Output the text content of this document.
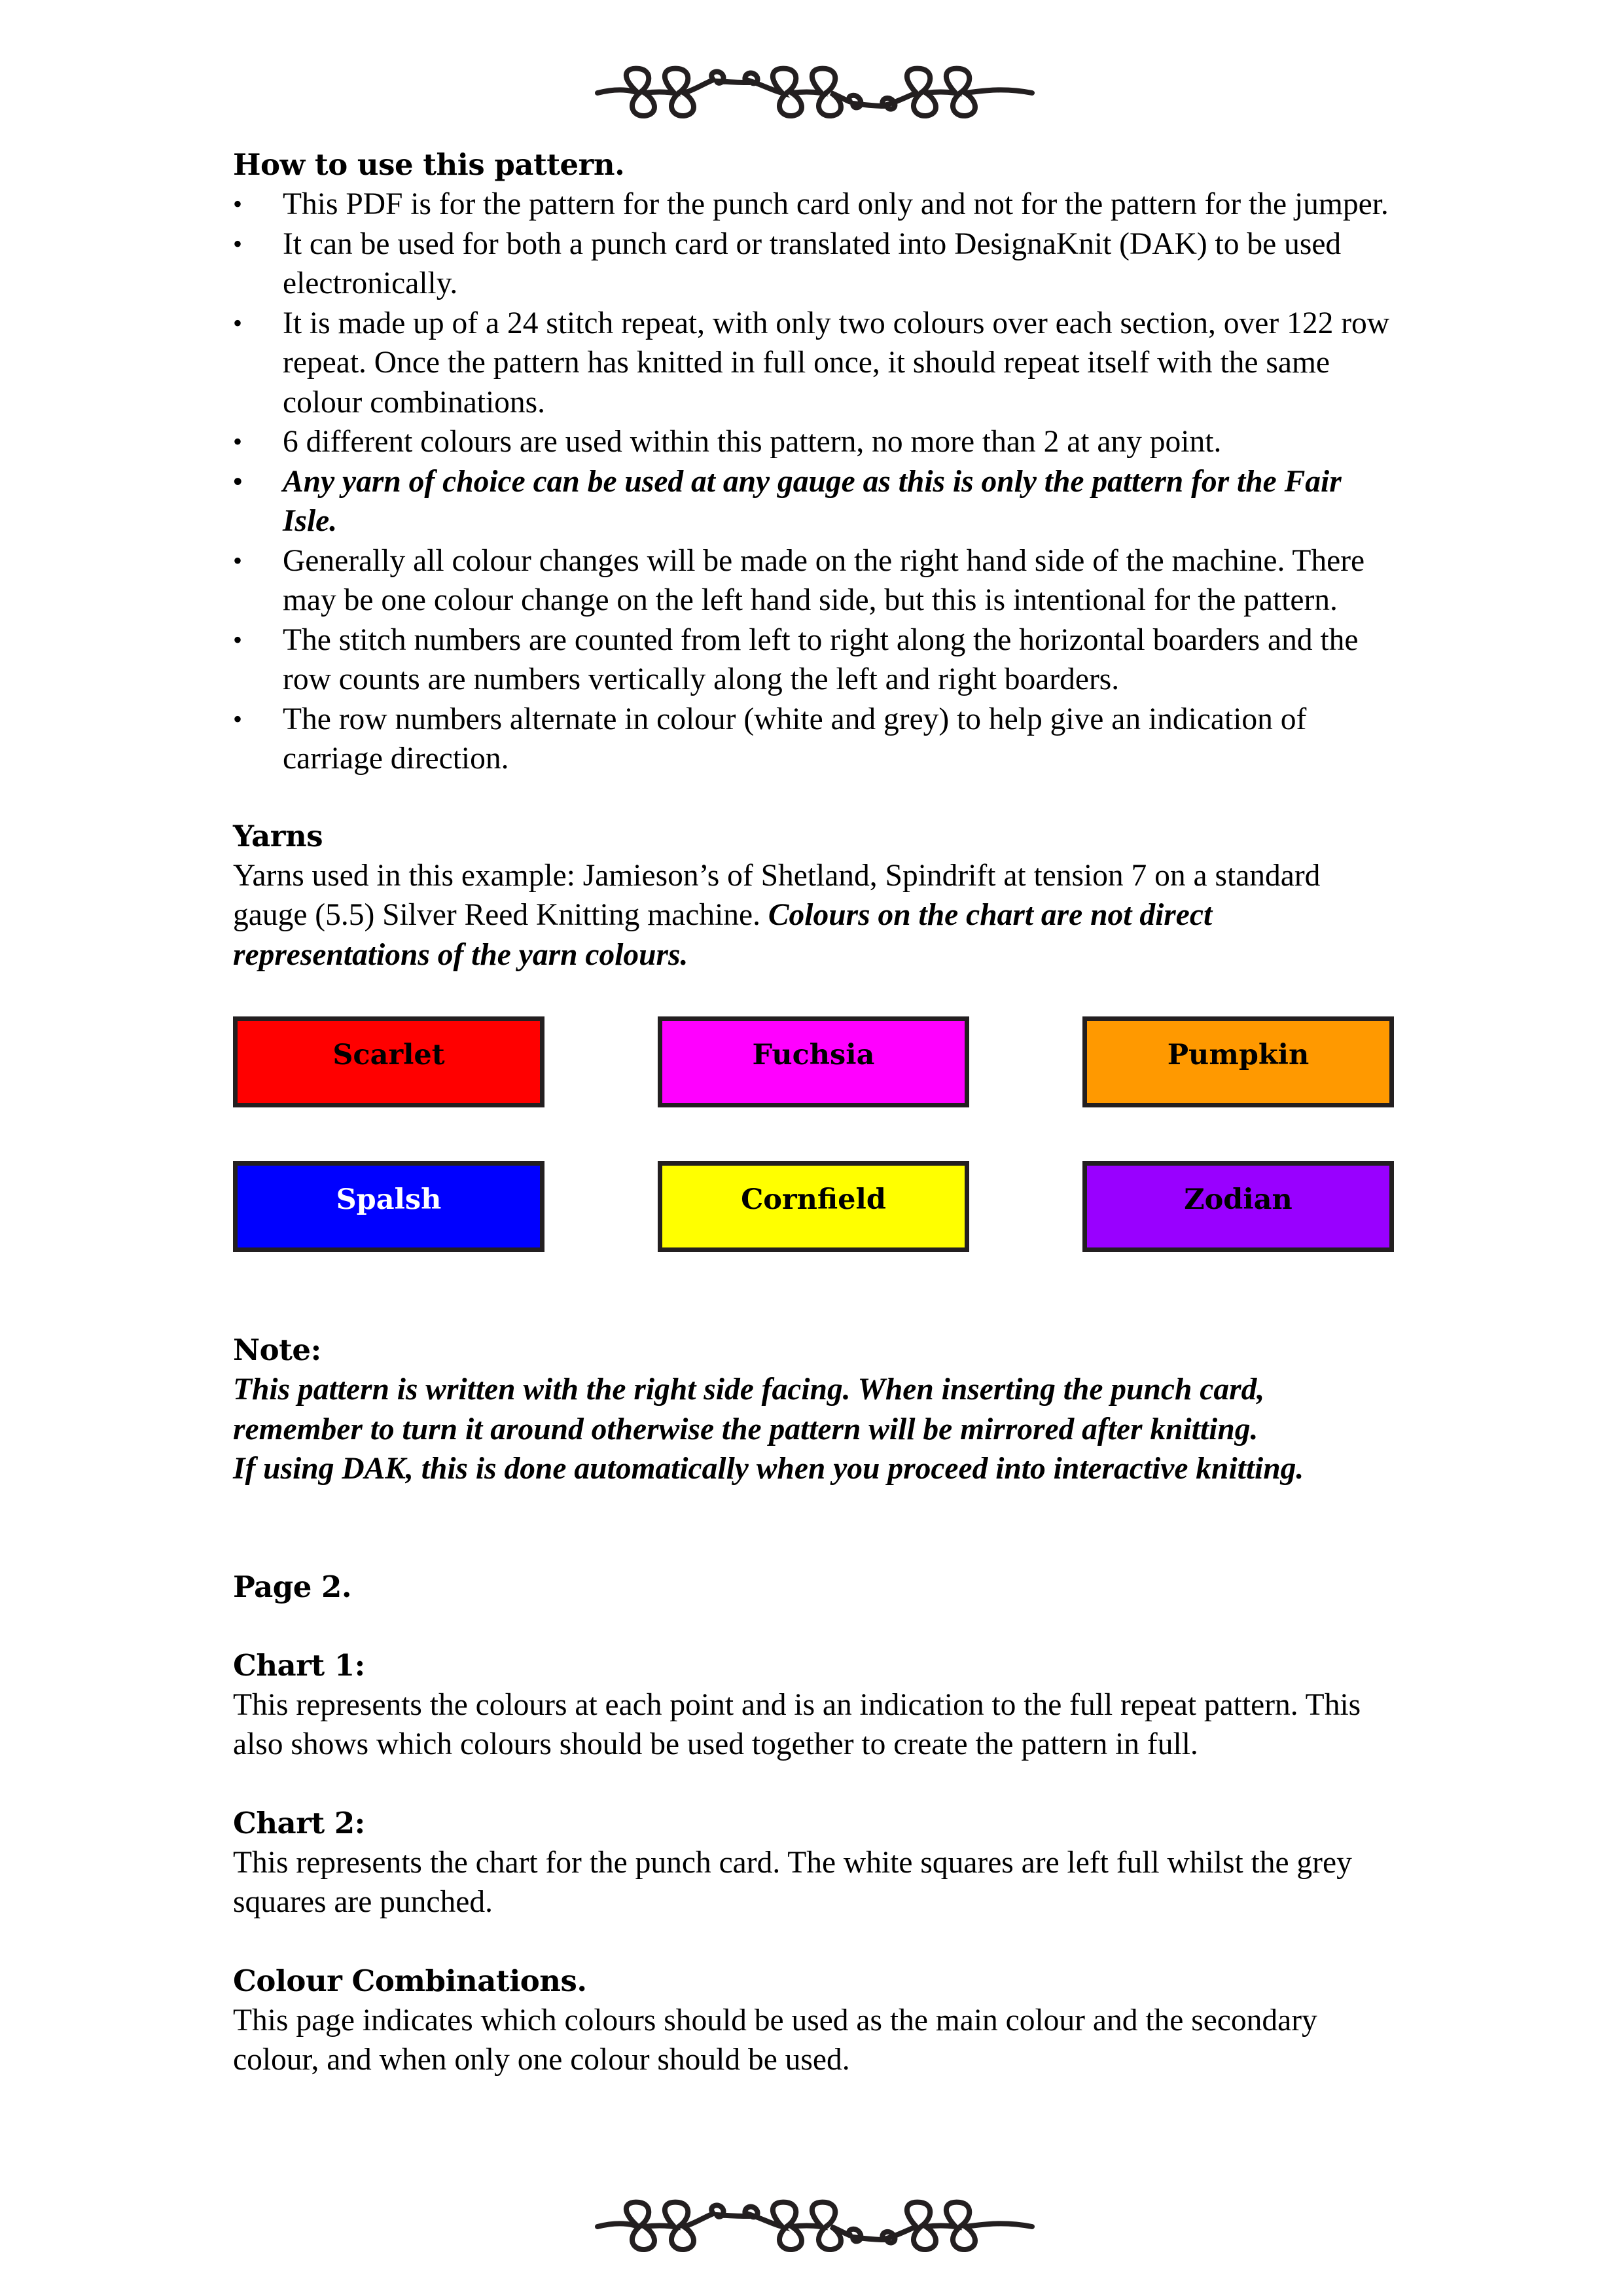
How to use this pattern.
• This PDF is for the pattern for the punch card only and not for the pattern for the jumper.
• It can be used for both a punch card or translated into DesignaKnit (DAK) to be used electronically.
• It is made up of a 24 stitch repeat, with only two colours over each section, over 122 row repeat. Once the pattern has knitted in full once, it should repeat itself with the same colour combinations.
• 6 different colours are used within this pattern, no more than 2 at any point.
• Any yarn of choice can be used at any gauge as this is only the pattern for the Fair Isle.
• Generally all colour changes will be made on the right hand side of the machine. There may be one colour change on the left hand side, but this is intentional for the pattern.
• The stitch numbers are counted from left to right along the horizontal boarders and the row counts are numbers vertically along the left and right boarders.
• The row numbers alternate in colour (white and grey) to help give an indication of carriage direction.
Yarns

Yarns used in this example: Jamieson’s of Shetland, Spindrift at tension 7 on a standard gauge (5.5) Silver Reed Knitting machine. Colours on the chart are not direct representations of the yarn colours.

Scarlet	Fuchsia	Pumpkin
Spalsh	Cornfield	Zodian
Note:

This pattern is written with the right side facing. When inserting the punch card, remember to turn it around otherwise the pattern will be mirrored after knitting.

If using DAK, this is done automatically when you proceed into interactive knitting.

Page 2.
Chart 1:

This represents the colours at each point and is an indication to the full repeat pattern. This also shows which colours should be used together to create the pattern in full.

Chart 2:

This represents the chart for the punch card. The white squares are left full whilst the grey squares are punched.

Colour Combinations.

This page indicates which colours should be used as the main colour and the secondary colour, and when only one colour should be used.
